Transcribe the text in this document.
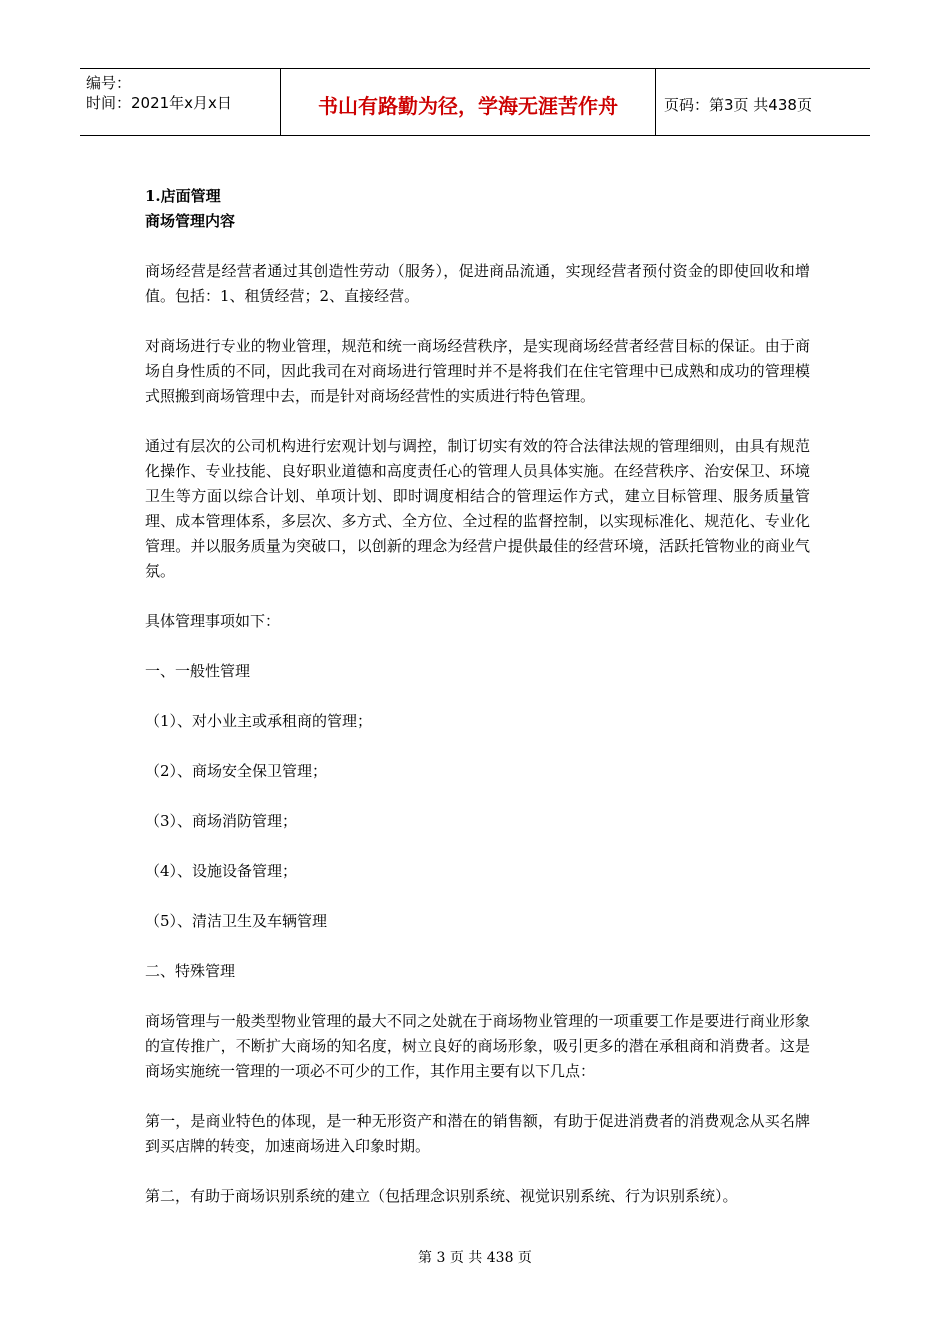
编号：
时间：2021年x月x日	书山有路勤为径，学海无涯苦作舟	页码：第3页 共438页

1.店面管理

商场管理内容

商场经营是经营者通过其创造性劳动（服务），促进商品流通，实现经营者预付资金的即使回收和增值。包括：1、租赁经营；2、直接经营。

对商场进行专业的物业管理，规范和统一商场经营秩序，是实现商场经营者经营目标的保证。由于商场自身性质的不同，因此我司在对商场进行管理时并不是将我们在住宅管理中已成熟和成功的管理模式照搬到商场管理中去，而是针对商场经营性的实质进行特色管理。

通过有层次的公司机构进行宏观计划与调控，制订切实有效的符合法律法规的管理细则，由具有规范化操作、专业技能、良好职业道德和高度责任心的管理人员具体实施。在经营秩序、治安保卫、环境卫生等方面以综合计划、单项计划、即时调度相结合的管理运作方式，建立目标管理、服务质量管理、成本管理体系，多层次、多方式、全方位、全过程的监督控制，以实现标准化、规范化、专业化管理。并以服务质量为突破口，以创新的理念为经营户提供最佳的经营环境，活跃托管物业的商业气氛。

具体管理事项如下：

一、一般性管理

（1）、对小业主或承租商的管理；

（2）、商场安全保卫管理；

（3）、商场消防管理；

（4）、设施设备管理；

（5）、清洁卫生及车辆管理

二、特殊管理

商场管理与一般类型物业管理的最大不同之处就在于商场物业管理的一项重要工作是要进行商业形象的宣传推广，不断扩大商场的知名度，树立良好的商场形象，吸引更多的潜在承租商和消费者。这是商场实施统一管理的一项必不可少的工作，其作用主要有以下几点：

第一，是商业特色的体现，是一种无形资产和潜在的销售额，有助于促进消费者的消费观念从买名牌到买店牌的转变，加速商场进入印象时期。

第二，有助于商场识别系统的建立（包括理念识别系统、视觉识别系统、行为识别系统）。

第 3 页 共 438 页
